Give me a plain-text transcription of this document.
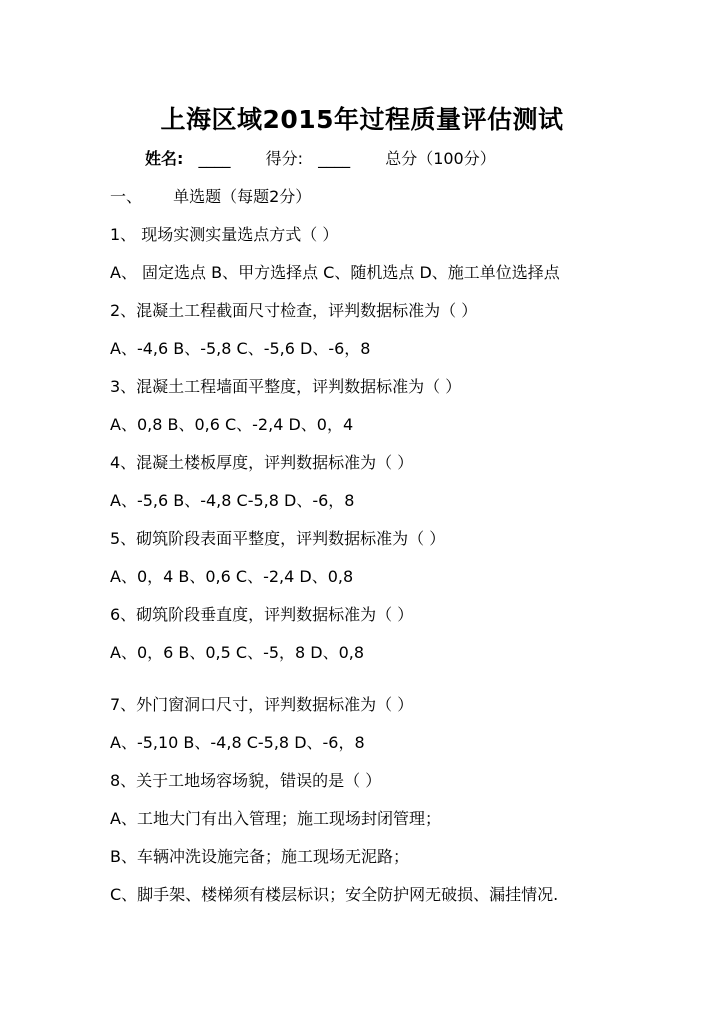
上海区域2015年过程质量评估测试
姓名: ____ 得分: ____ 总分（100分）
一、 单选题（每题2分）
1、 现场实测实量选点方式（ ）
A、 固定选点 B、甲方选择点 C、随机选点 D、施工单位选择点
2、混凝土工程截面尺寸检查，评判数据标准为（ ）
A、-4,6 B、-5,8 C、-5,6 D、-6，8
3、混凝土工程墙面平整度，评判数据标准为（ ）
A、0,8 B、0,6 C、-2,4 D、0，4
4、混凝土楼板厚度，评判数据标准为（ ）
A、-5,6 B、-4,8 C-5,8 D、-6，8
5、砌筑阶段表面平整度，评判数据标准为（ ）
A、0，4 B、0,6 C、-2,4 D、0,8
6、砌筑阶段垂直度，评判数据标准为（ ）
A、0，6 B、0,5 C、-5，8 D、0,8
7、外门窗洞口尺寸，评判数据标准为（ ）
A、-5,10 B、-4,8 C-5,8 D、-6，8
8、关于工地场容场貌，错误的是（ ）
A、工地大门有出入管理；施工现场封闭管理；
B、车辆冲洗设施完备；施工现场无泥路；
C、脚手架、楼梯须有楼层标识；安全防护网无破损、漏挂情况.
